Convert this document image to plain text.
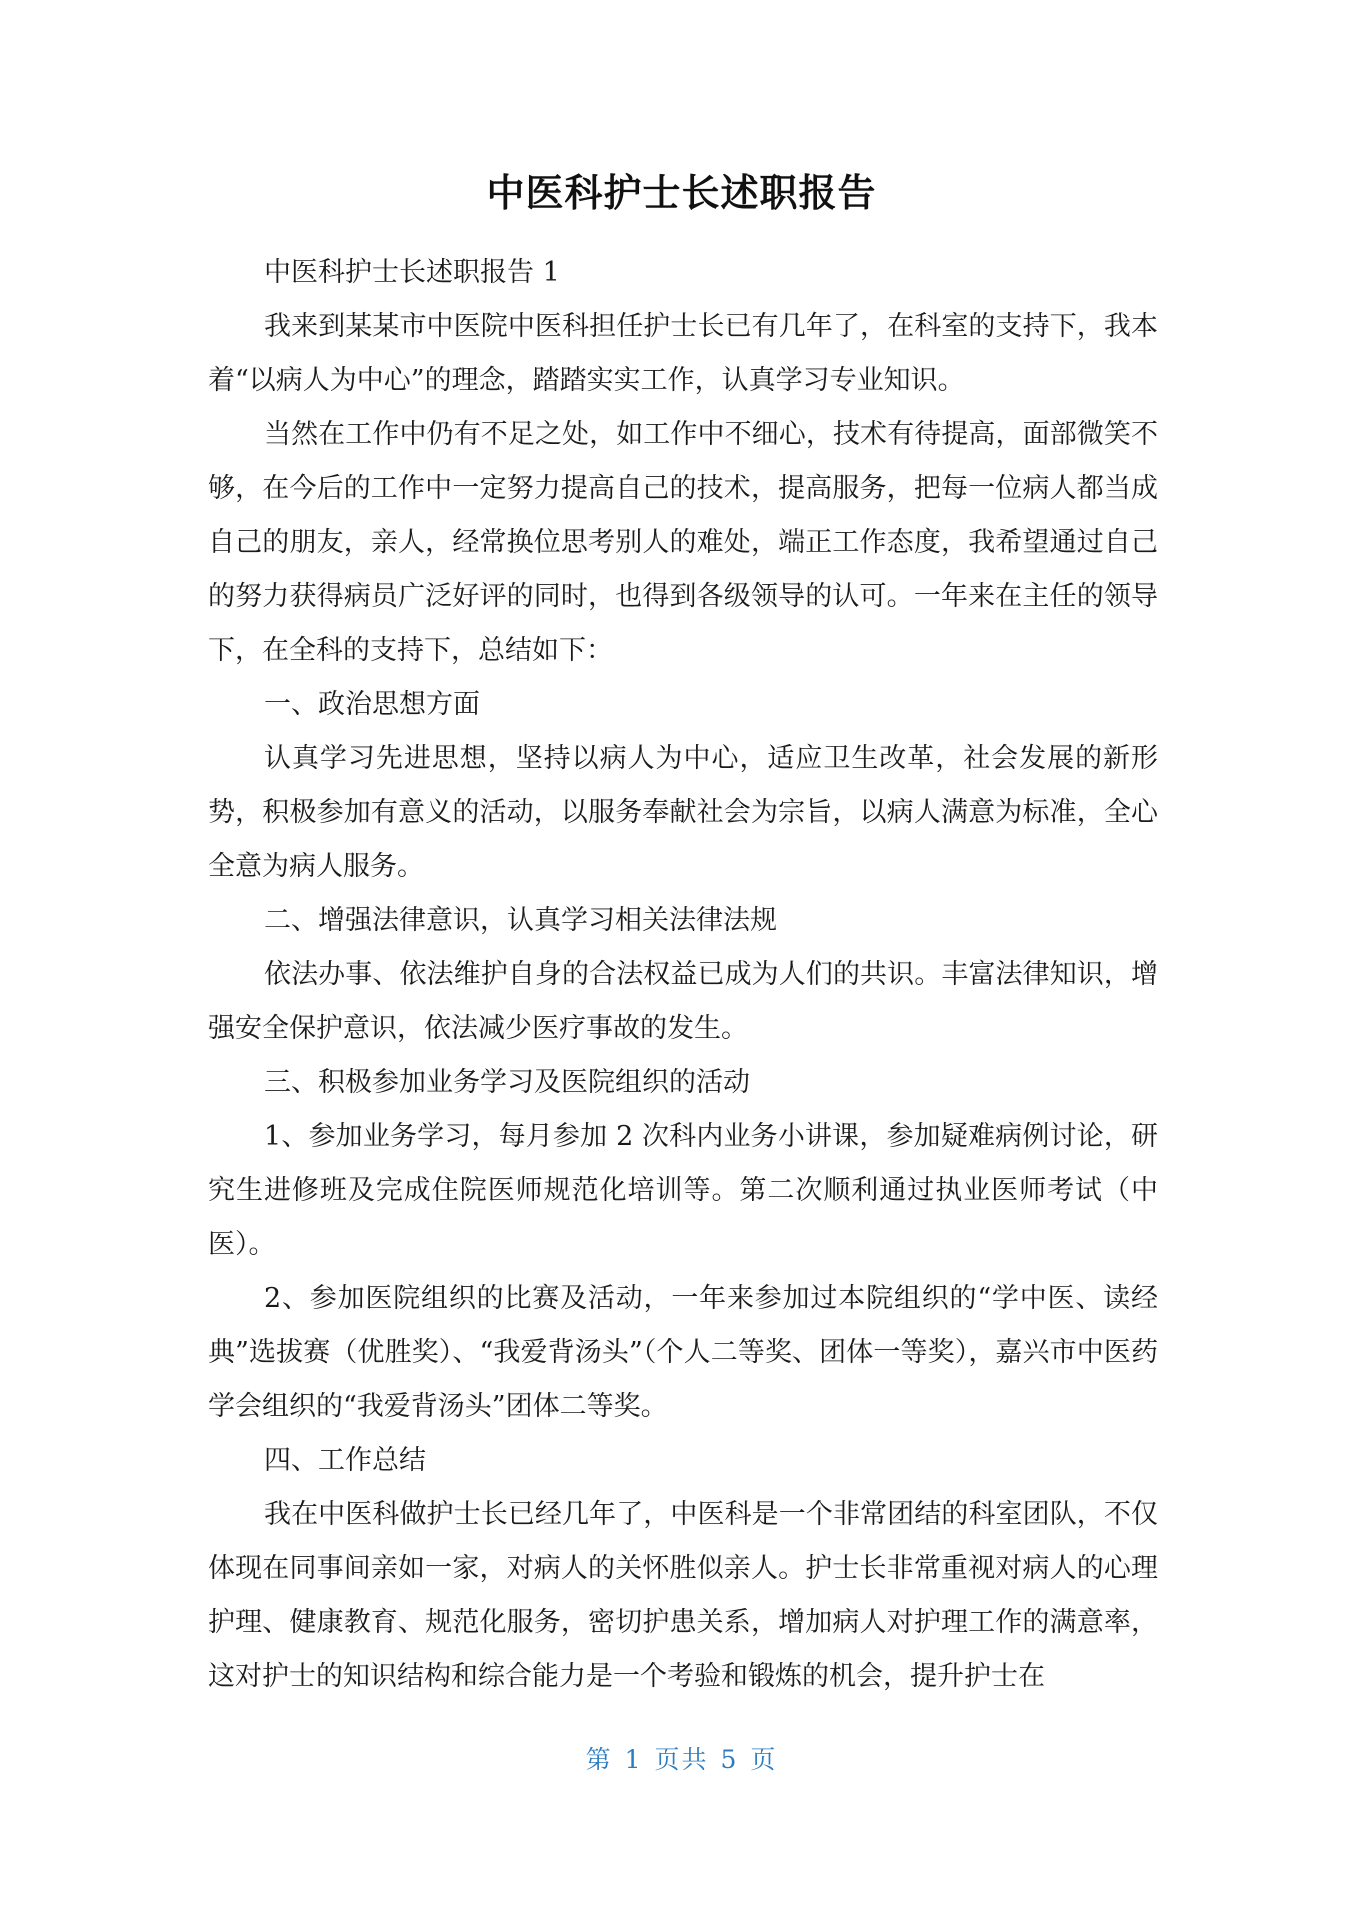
中医科护士长述职报告

中医科护士长述职报告 1

我来到某某市中医院中医科担任护士长已有几年了，在科室的支持下，我本着“以病人为中心”的理念，踏踏实实工作，认真学习专业知识。

当然在工作中仍有不足之处，如工作中不细心，技术有待提高，面部微笑不够，在今后的工作中一定努力提高自己的技术，提高服务，把每一位病人都当成自己的朋友，亲人，经常换位思考别人的难处，端正工作态度，我希望通过自己的努力获得病员广泛好评的同时，也得到各级领导的认可。一年来在主任的领导下，在全科的支持下，总结如下：

一、政治思想方面

认真学习先进思想，坚持以病人为中心，适应卫生改革，社会发展的新形势，积极参加有意义的活动，以服务奉献社会为宗旨，以病人满意为标准，全心全意为病人服务。

二、增强法律意识，认真学习相关法律法规

依法办事、依法维护自身的合法权益已成为人们的共识。丰富法律知识，增强安全保护意识，依法减少医疗事故的发生。

三、积极参加业务学习及医院组织的活动

1、参加业务学习，每月参加 2 次科内业务小讲课，参加疑难病例讨论，研究生进修班及完成住院医师规范化培训等。第二次顺利通过执业医师考试（中医）。

2、参加医院组织的比赛及活动，一年来参加过本院组织的“学中医、读经典”选拔赛（优胜奖）、“我爱背汤头”（个人二等奖、团体一等奖），嘉兴市中医药学会组织的“我爱背汤头”团体二等奖。

四、工作总结

我在中医科做护士长已经几年了，中医科是一个非常团结的科室团队，不仅体现在同事间亲如一家，对病人的关怀胜似亲人。护士长非常重视对病人的心理护理、健康教育、规范化服务，密切护患关系，增加病人对护理工作的满意率，这对护士的知识结构和综合能力是一个考验和锻炼的机会，提升护士在

第 1 页共 5 页
